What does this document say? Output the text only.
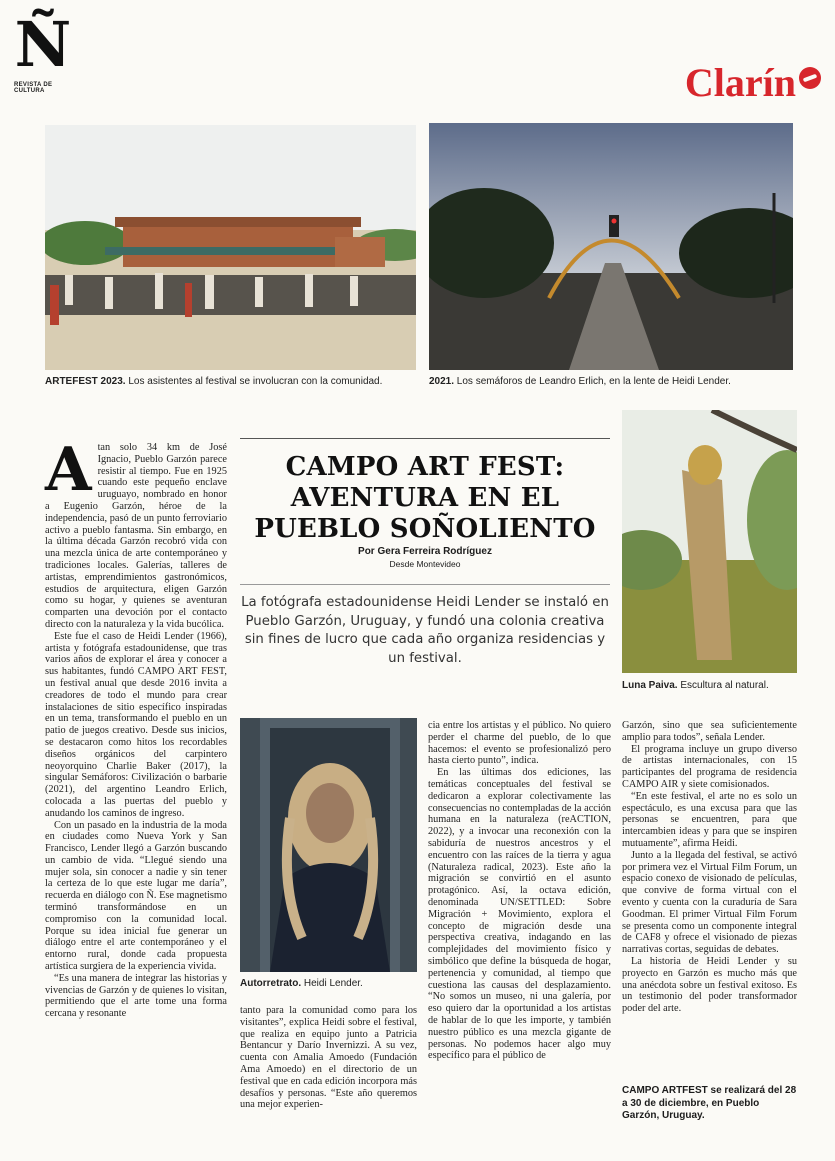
Ñ
REVISTA DE CULTURA	Clarín
ARTEFEST 2023. Los asistentes al festival se involucran con la comunidad.	2021. Los semáforos de Leandro Erlich, en la lente de Heidi Lender.

Atan solo 34 km de José Ignacio, Pueblo Garzón parece resistir al tiempo. Fue en 1925 cuando este pequeño enclave uruguayo, nombrado en honor a Eugenio Garzón, héroe de la independencia, pasó de un punto ferroviario activo a pueblo fantasma. Sin embargo, en la última década Garzón recobró vida con una mezcla única de arte contemporáneo y tradiciones locales. Galerías, talleres de artistas, emprendimientos gastronómicos, estudios de arquitectura, eligen Garzón como su hogar, y quienes se aventuran comparten una devoción por el contacto directo con la naturaleza y la vida bucólica.

Este fue el caso de Heidi Lender (1966), artista y fotógrafa estadounidense, que tras varios años de explorar el área y conocer a sus habitantes, fundó CAMPO ART FEST, un festival anual que desde 2016 invita a creadores de todo el mundo para crear instalaciones de sitio específico inspiradas en un tema, transformando el pueblo en un patio de juegos creativo. Desde sus inicios, se destacaron como hitos los recordables diseños orgánicos del carpintero neoyorquino Charlie Baker (2017), la singular Semáforos: Civilización o barbarie (2021), del argentino Leandro Erlich, colocada a las puertas del pueblo y anudando los caminos de ingreso.

Con un pasado en la industria de la moda en ciudades como Nueva York y San Francisco, Lender llegó a Garzón buscando un cambio de vida. “Llegué siendo una mujer sola, sin conocer a nadie y sin tener la certeza de lo que este lugar me daría”, recuerda en diálogo con Ñ. Ese magnetismo terminó transformándose en un compromiso con la comunidad local. Porque su idea inicial fue generar un diálogo entre el arte contemporáneo y el entorno rural, donde cada propuesta artística surgiera de la experiencia vivida.

“Es una manera de integrar las historias y vivencias de Garzón y de quienes lo visitan, permitiendo que el arte tome una forma cercana y resonante

CAMPO ART FEST:
AVENTURA EN EL
PUEBLO SOÑOLIENTO
Por Gera Ferreira Rodríguez
Desde Montevideo
La fotógrafa estadounidense Heidi Lender se instaló en Pueblo Garzón, Uruguay, y fundó una colonia creativa sin fines de lucro que cada año organiza residencias y un festival.
Luna Paiva. Escultura al natural.
Autorretrato. Heidi Lender.

tanto para la comunidad como para los visitantes”, explica Heidi sobre el festival, que realiza en equipo junto a Patricia Bentancur y Darío Invernizzi. A su vez, cuenta con Amalia Amoedo (Fundación Ama Amoedo) en el directorio de un festival que en cada edición incorpora más desafíos y personas. “Este año queremos una mejor experien-

cia entre los artistas y el público. No quiero perder el charme del pueblo, de lo que hacemos: el evento se profesionalizó pero hasta cierto punto”, indica.

En las últimas dos ediciones, las temáticas conceptuales del festival se dedicaron a explorar colectivamente las consecuencias no contempladas de la acción humana en la naturaleza (reACTION, 2022), y a invocar una reconexión con la sabiduría de nuestros ancestros y el encuentro con las raíces de la tierra y agua (Naturaleza radical, 2023). Este año la migración se convirtió en el asunto protagónico. Así, la octava edición, denominada UN/SETTLED: Sobre Migración + Movimiento, explora el concepto de migración desde una perspectiva creativa, indagando en las complejidades del movimiento físico y simbólico que define la búsqueda de hogar, pertenencia y comunidad, al tiempo que cuestiona las causas del desplazamiento. “No somos un museo, ni una galería, por eso quiero dar la oportunidad a los artistas de hablar de lo que les importe, y también nuestro público es una mezcla gigante de personas. No podemos hacer algo muy específico para el público de

Garzón, sino que sea suficientemente amplio para todos”, señala Lender.

El programa incluye un grupo diverso de artistas internacionales, con 15 participantes del programa de residencia CAMPO AIR y siete comisionados.

“En este festival, el arte no es solo un espectáculo, es una excusa para que las personas se encuentren, para que intercambien ideas y para que se inspiren mutuamente”, afirma Heidi.

Junto a la llegada del festival, se activó por primera vez el Virtual Film Forum, un espacio conexo de visionado de películas, que convive de forma virtual con el evento y cuenta con la curaduría de Sara Goodman. El primer Virtual Film Forum se presenta como un componente integral de CAF8 y ofrece el visionado de piezas narrativas cortas, seguidas de debates.

La historia de Heidi Lender y su proyecto en Garzón es mucho más que una anécdota sobre un festival exitoso. Es un testimonio del poder transformador poder del arte.

CAMPO ARTFEST se realizará del 28 a 30 de diciembre, en Pueblo Garzón, Uruguay.
